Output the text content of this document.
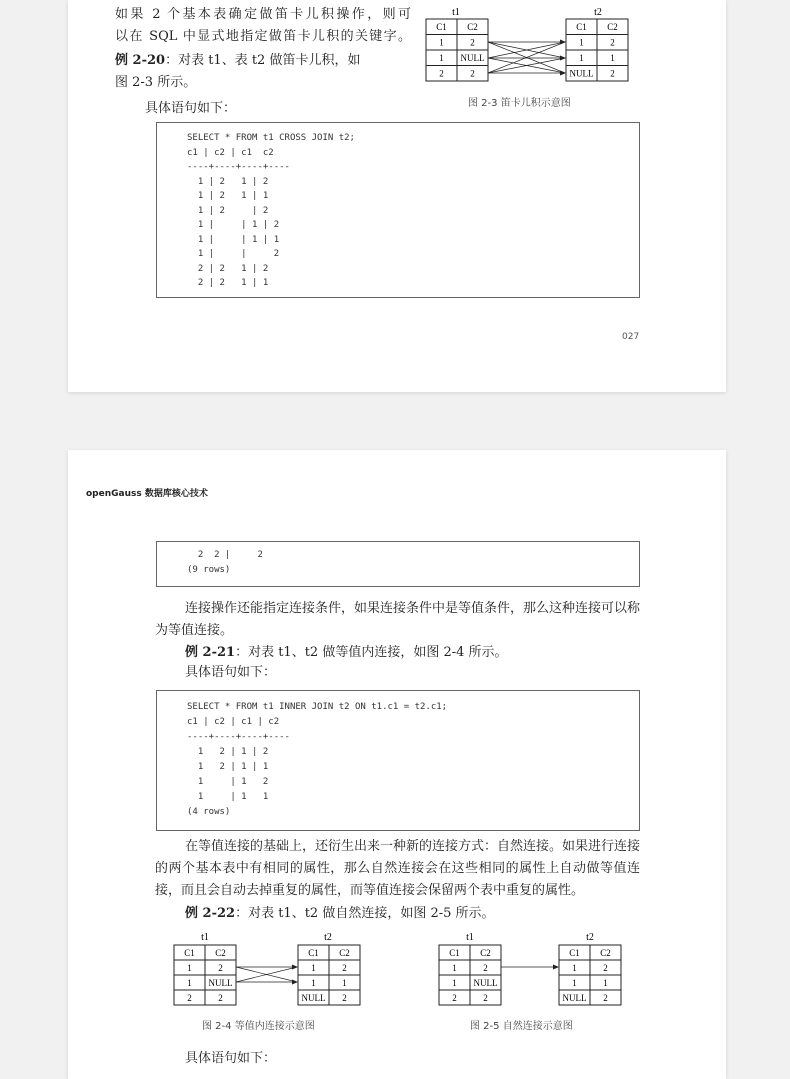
如果 2 个基本表确定做笛卡儿积操作，则可
以在 SQL 中显式地指定做笛卡儿积的关键字。
例 2-20：对表 t1、表 t2 做笛卡儿积，如
图 2-3 所示。
具体语句如下：
t1	t2
C1 C2
1	2
1 NULL
2	2
C1 C2
1	2
1	1
NULL 2
图 2-3 笛卡儿积示意图
SELECT * FROM t1 CROSS JOIN t2;
c1 | c2 | c1  c2
----+----+----+----
1 | 2   1 | 2
1 | 2   1 | 1
1 | 2     | 2
1 |     | 1 | 2
1 |     | 1 | 1
1 |     |     2
2 | 2   1 | 2
2 | 2   1 | 1
027
openGauss 数据库核心技术
2  2 |     2
(9 rows)
连接操作还能指定连接条件，如果连接条件中是等值条件，那么这种连接可以称
为等值连接。
例 2-21：对表 t1、t2 做等值内连接，如图 2-4 所示。
具体语句如下：
SELECT * FROM t1 INNER JOIN t2 ON t1.c1 = t2.c1;
c1 | c2 | c1 | c2
----+----+----+----
1   2 | 1 | 2
1   2 | 1 | 1
1     | 1   2
1     | 1   1
(4 rows)
在等值连接的基础上，还衍生出来一种新的连接方式：自然连接。如果进行连接
的两个基本表中有相同的属性，那么自然连接会在这些相同的属性上自动做等值连
接，而且会自动去掉重复的属性，而等值连接会保留两个表中重复的属性。
例 2-22：对表 t1、t2 做自然连接，如图 2-5 所示。
t1	t2
C1 C2
1	2
1 NULL
2	2
C1 C2
1	2
1	1
NULL 2
图 2-4 等值内连接示意图
t1	t2
C1 C2
1	2
1 NULL
2	2
C1 C2
1	2
1	1
NULL 2
图 2-5 自然连接示意图
具体语句如下：
